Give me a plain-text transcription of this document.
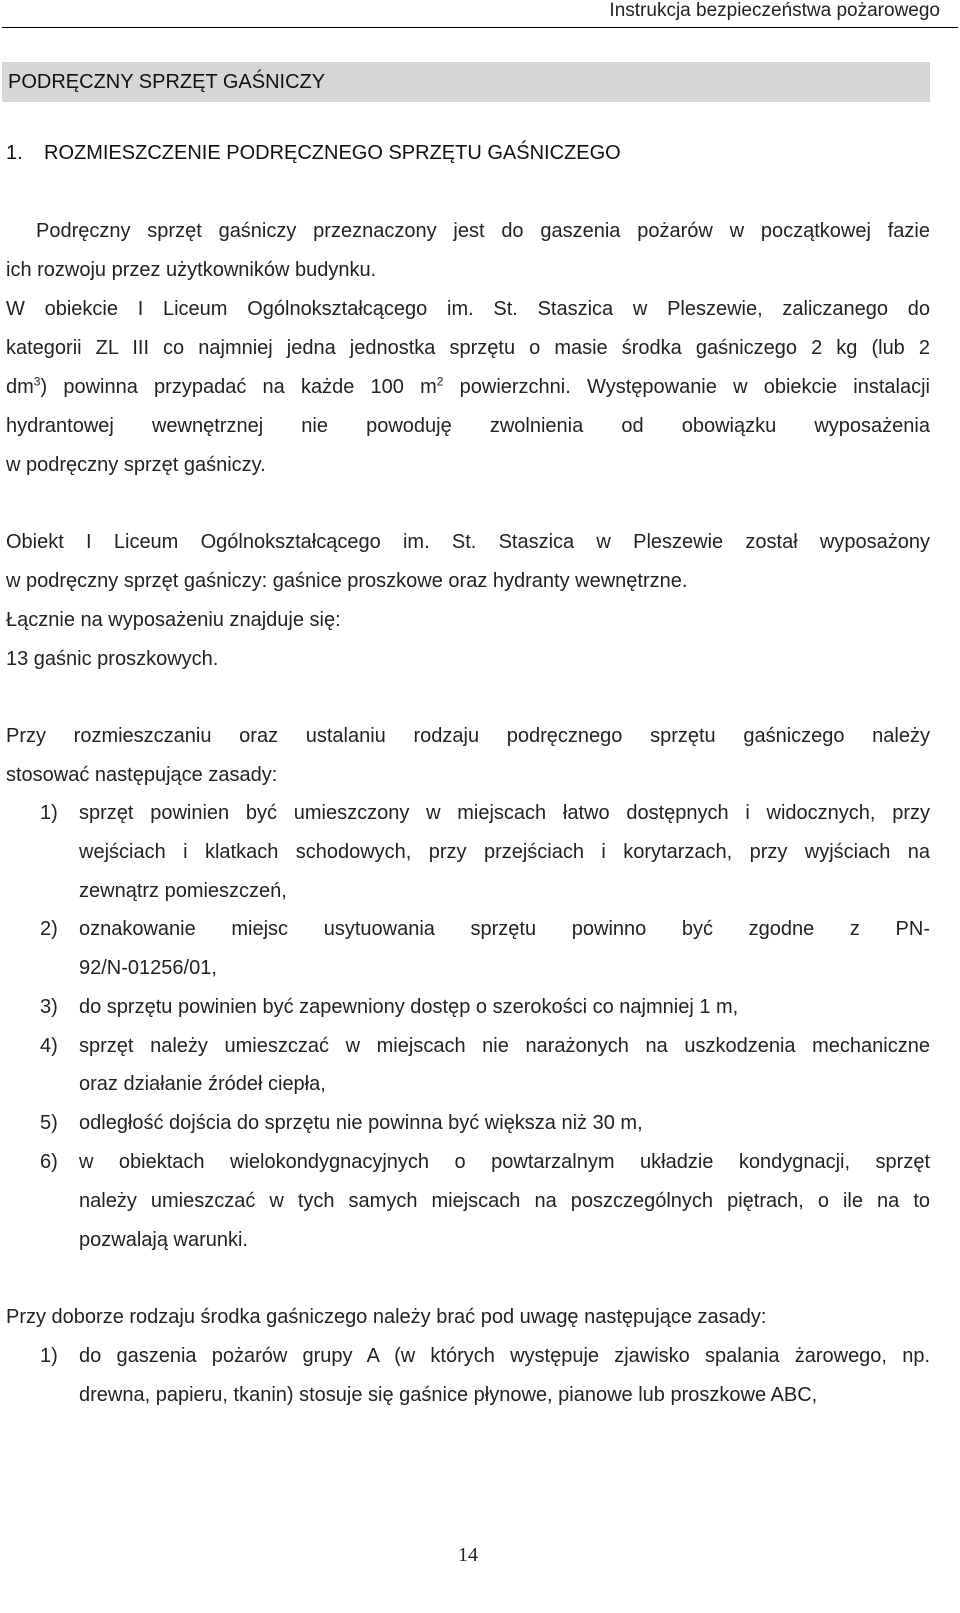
Instrukcja bezpieczeństwa pożarowego
PODRĘCZNY SPRZĘT GAŚNICZY
1. ROZMIESZCZENIE PODRĘCZNEGO SPRZĘTU GAŚNICZEGO
Podręczny sprzęt gaśniczy przeznaczony jest do gaszenia pożarów w początkowej fazie
ich rozwoju przez użytkowników budynku.
W obiekcie I Liceum Ogólnokształcącego im. St. Staszica w Pleszewie, zaliczanego do
kategorii ZL III co najmniej jedna jednostka sprzętu o masie środka gaśniczego 2 kg (lub 2
$dm^3$) powinna przypadać na każde 100 $m^2$ powierzchni. Występowanie w obiekcie instalacji
hydrantowej wewnętrznej nie powoduję zwolnienia od obowiązku wyposażenia
w podręczny sprzęt gaśniczy.
Obiekt I Liceum Ogólnokształcącego im. St. Staszica w Pleszewie został wyposażony
w podręczny sprzęt gaśniczy: gaśnice proszkowe oraz hydranty wewnętrzne.
Łącznie na wyposażeniu znajduje się:
13 gaśnic proszkowych.
Przy rozmieszczaniu oraz ustalaniu rodzaju podręcznego sprzętu gaśniczego należy
stosować następujące zasady:
1) sprzęt powinien być umieszczony w miejscach łatwo dostępnych i widocznych, przy
wejściach i klatkach schodowych, przy przejściach i korytarzach, przy wyjściach na
zewnątrz pomieszczeń,
2) oznakowanie miejsc usytuowania sprzętu powinno być zgodne z PN-
92/N-01256/01,
3) do sprzętu powinien być zapewniony dostęp o szerokości co najmniej 1 m,
4) sprzęt należy umieszczać w miejscach nie narażonych na uszkodzenia mechaniczne
oraz działanie źródeł ciepła,
5) odległość dojścia do sprzętu nie powinna być większa niż 30 m,
6) w obiektach wielokondygnacyjnych o powtarzalnym układzie kondygnacji, sprzęt
należy umieszczać w tych samych miejscach na poszczególnych piętrach, o ile na to
pozwalają warunki.
Przy doborze rodzaju środka gaśniczego należy brać pod uwagę następujące zasady:
1) do gaszenia pożarów grupy A (w których występuje zjawisko spalania żarowego, np.
drewna, papieru, tkanin) stosuje się gaśnice płynowe, pianowe lub proszkowe ABC,
14
